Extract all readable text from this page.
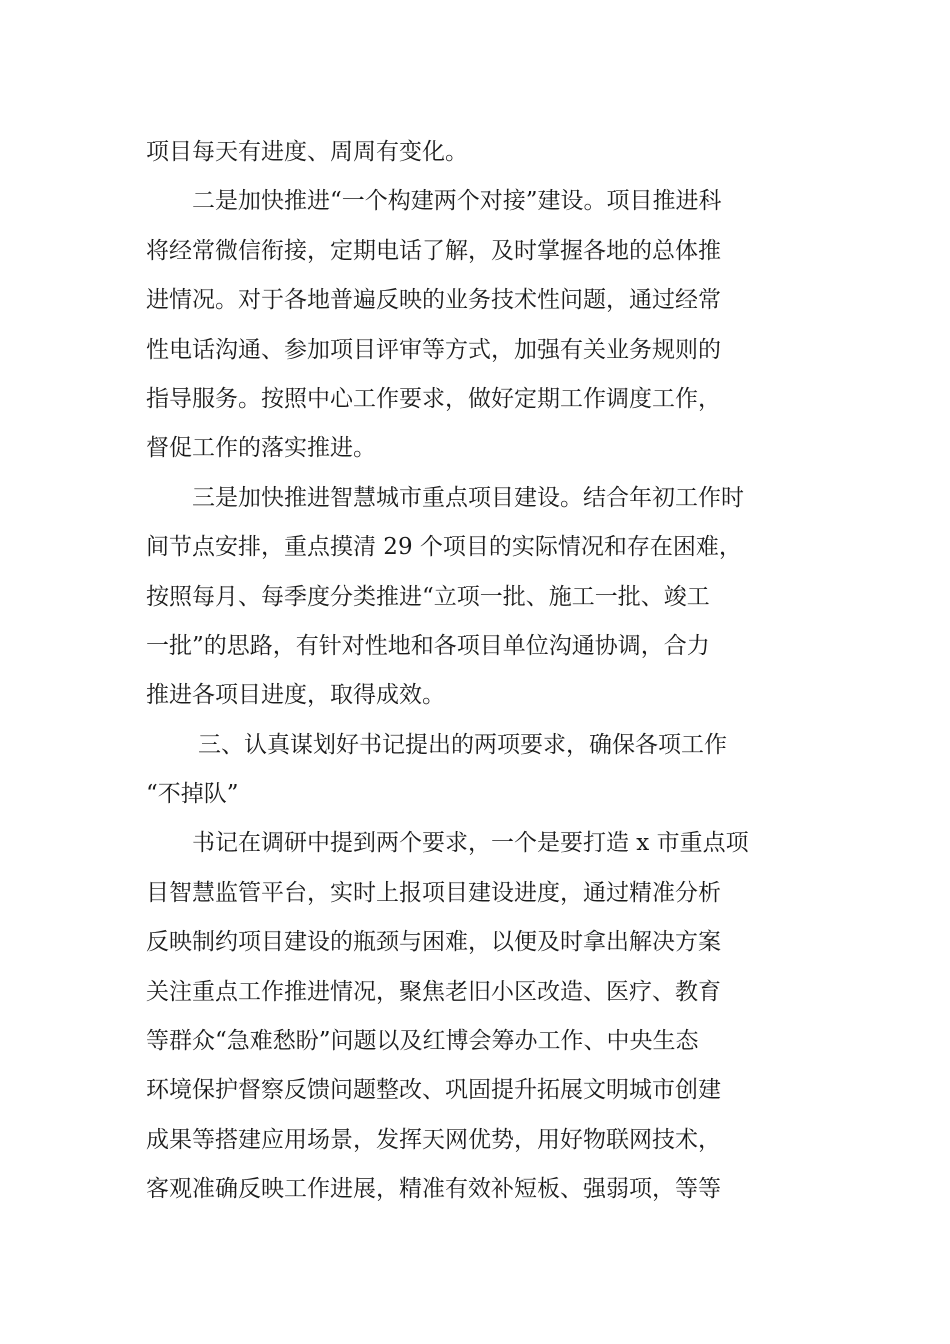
项目每天有进度、周周有变化。
二是加快推进“一个构建两个对接”建设。项目推进科
将经常微信衔接，定期电话了解，及时掌握各地的总体推
进情况。对于各地普遍反映的业务技术性问题，通过经常
性电话沟通、参加项目评审等方式，加强有关业务规则的
指导服务。按照中心工作要求，做好定期工作调度工作，
督促工作的落实推进。
三是加快推进智慧城市重点项目建设。结合年初工作时
间节点安排，重点摸清 29 个项目的实际情况和存在困难，
按照每月、每季度分类推进“立项一批、施工一批、竣工
一批”的思路，有针对性地和各项目单位沟通协调，合力
推进各项目进度，取得成效。
三、认真谋划好书记提出的两项要求，确保各项工作
“不掉队”
书记在调研中提到两个要求，一个是要打造 x 市重点项
目智慧监管平台，实时上报项目建设进度，通过精准分析
反映制约项目建设的瓶颈与困难，以便及时拿出解决方案
关注重点工作推进情况，聚焦老旧小区改造、医疗、教育
等群众“急难愁盼”问题以及红博会筹办工作、中央生态
环境保护督察反馈问题整改、巩固提升拓展文明城市创建
成果等搭建应用场景，发挥天网优势，用好物联网技术，
客观准确反映工作进展，精准有效补短板、强弱项，等等
